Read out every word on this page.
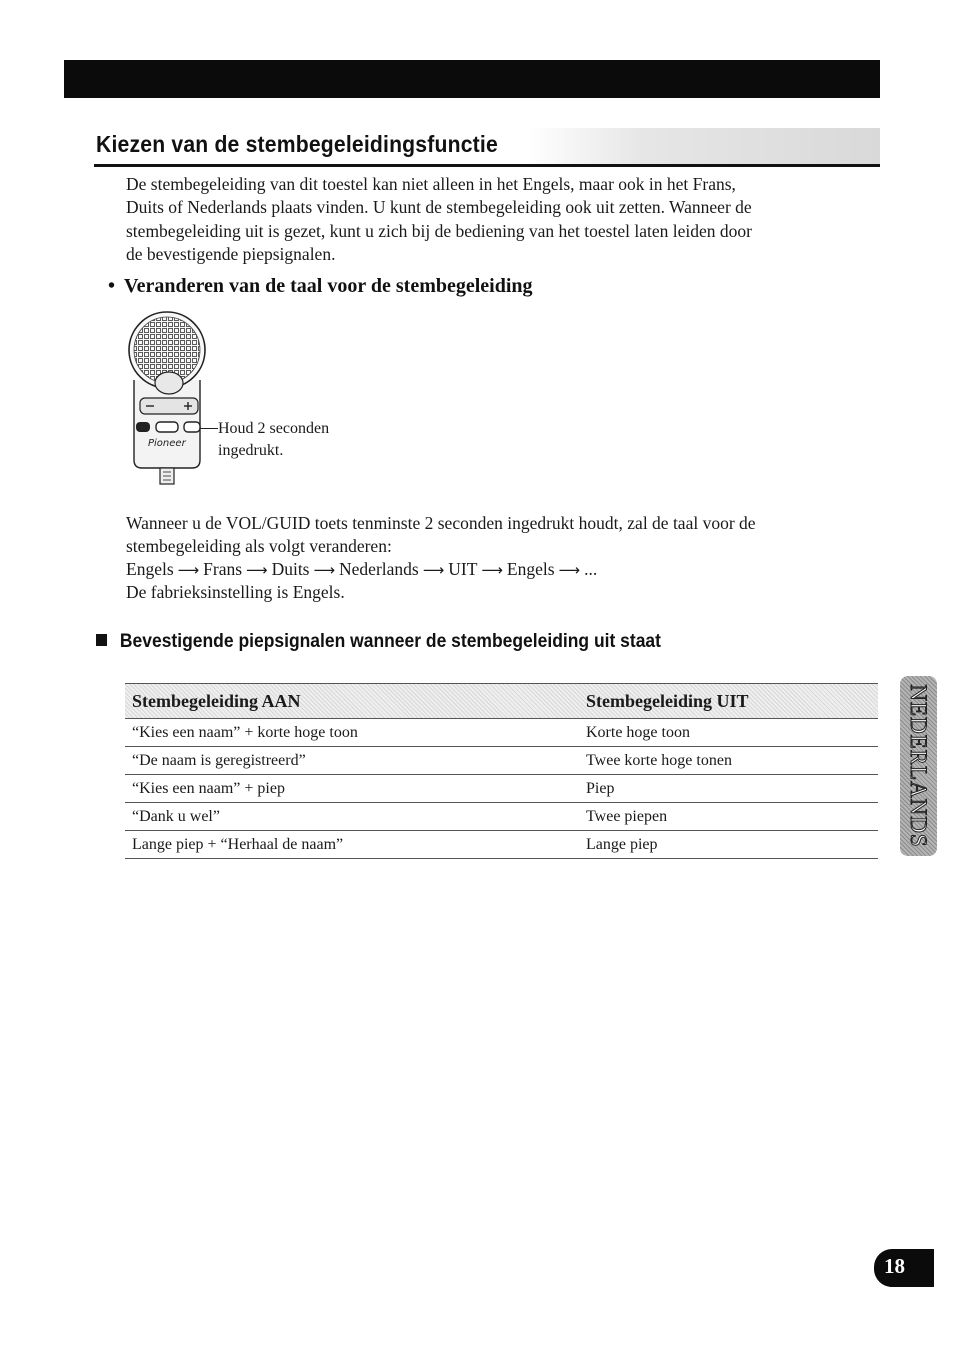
Kiezen van de stembegeleidingsfunctie
De stembegeleiding van dit toestel kan niet alleen in het Engels, maar ook in het Frans,
Duits of Nederlands plaats vinden. U kunt de stembegeleiding ook uit zetten. Wanneer de
stembegeleiding uit is gezet, kunt u zich bij de bediening van het toestel laten leiden door
de bevestigende piepsignalen.
• Veranderen van de taal voor de stembegeleiding
Pioneer
Houd 2 seconden
ingedrukt.
Wanneer u de VOL/GUID toets tenminste 2 seconden ingedrukt houdt, zal de taal voor de
stembegeleiding als volgt veranderen:
Engels ⟶ Frans ⟶ Duits ⟶ Nederlands ⟶ UIT ⟶ Engels ⟶ ...
De fabrieksinstelling is Engels.
Bevestigende piepsignalen wanneer de stembegeleiding uit staat
Stembegeleiding AAN	Stembegeleiding UIT
“Kies een naam” + korte hoge toon	Korte hoge toon
“De naam is geregistreerd”	Twee korte hoge tonen
“Kies een naam” + piep	Piep
“Dank u wel”	Twee piepen
Lange piep + “Herhaal de naam”	Lange piep	NEDERLANDS
18
